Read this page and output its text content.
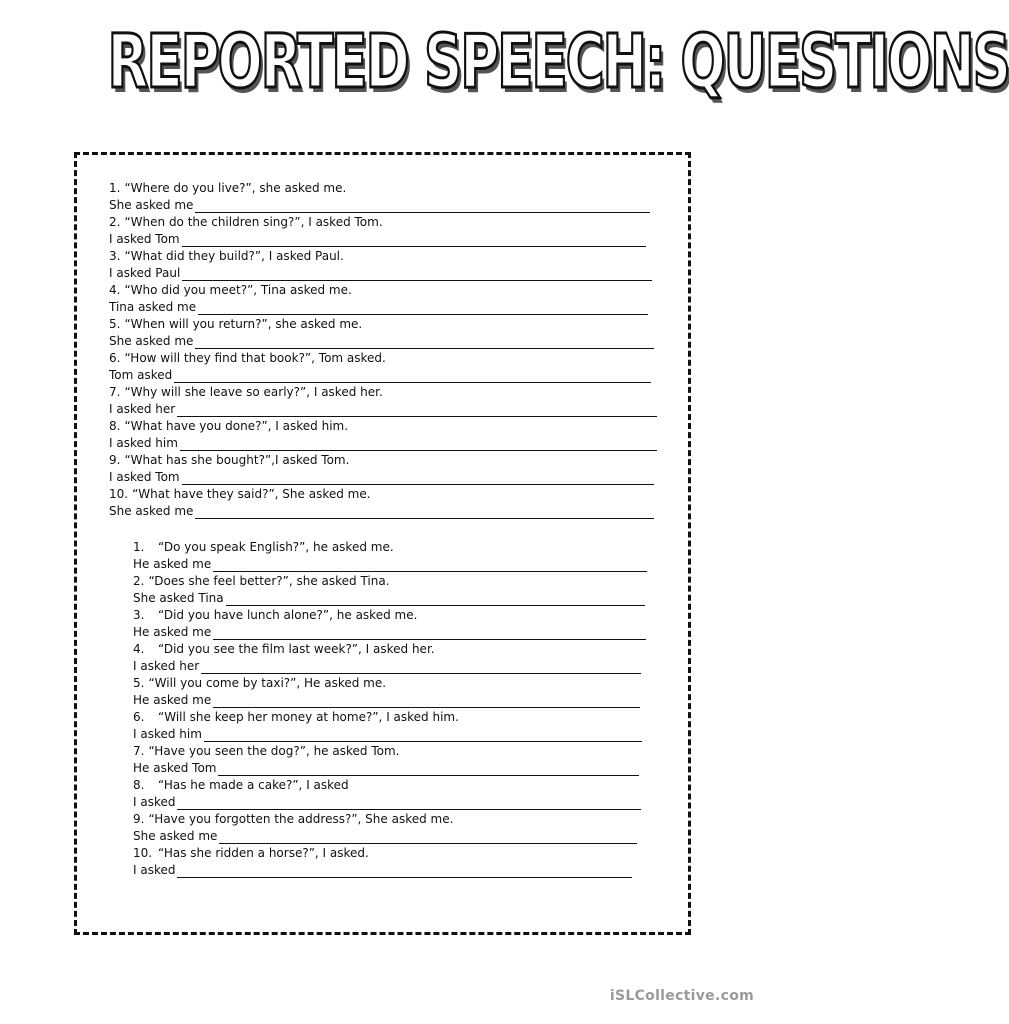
REPORTED SPEECH: QUESTIONS
1. “Where do you live?”, she asked me.
She asked me
2. “When do the children sing?”, I asked Tom.
I asked Tom
3. “What did they build?”, I asked Paul.
I asked Paul
4. “Who did you meet?”, Tina asked me.
Tina asked me
5. “When will you return?”, she asked me.
She asked me
6. “How will they find that book?”, Tom asked.
Tom asked
7. “Why will she leave so early?”, I asked her.
I asked her
8. “What have you done?”, I asked him.
I asked him
9. “What has she bought?”,I asked Tom.
I asked Tom
10. “What have they said?”, She asked me.
She asked me
1.	“Do you speak English?”, he asked me.
He asked me
2. “Does she feel better?”, she asked Tina.
She asked Tina
3.	“Did you have lunch alone?”, he asked me.
He asked me
4.	“Did you see the film last week?”, I asked her.
I asked her
5. “Will you come by taxi?”, He asked me.
He asked me
6.	“Will she keep her money at home?”, I asked him.
I asked him
7. “Have you seen the dog?”, he asked Tom.
He asked Tom
8.	“Has he made a cake?”, I asked
I asked
9. “Have you forgotten the address?”, She asked me.
She asked me
10. “Has she ridden a horse?”, I asked.
I asked
iSLCollective.com
